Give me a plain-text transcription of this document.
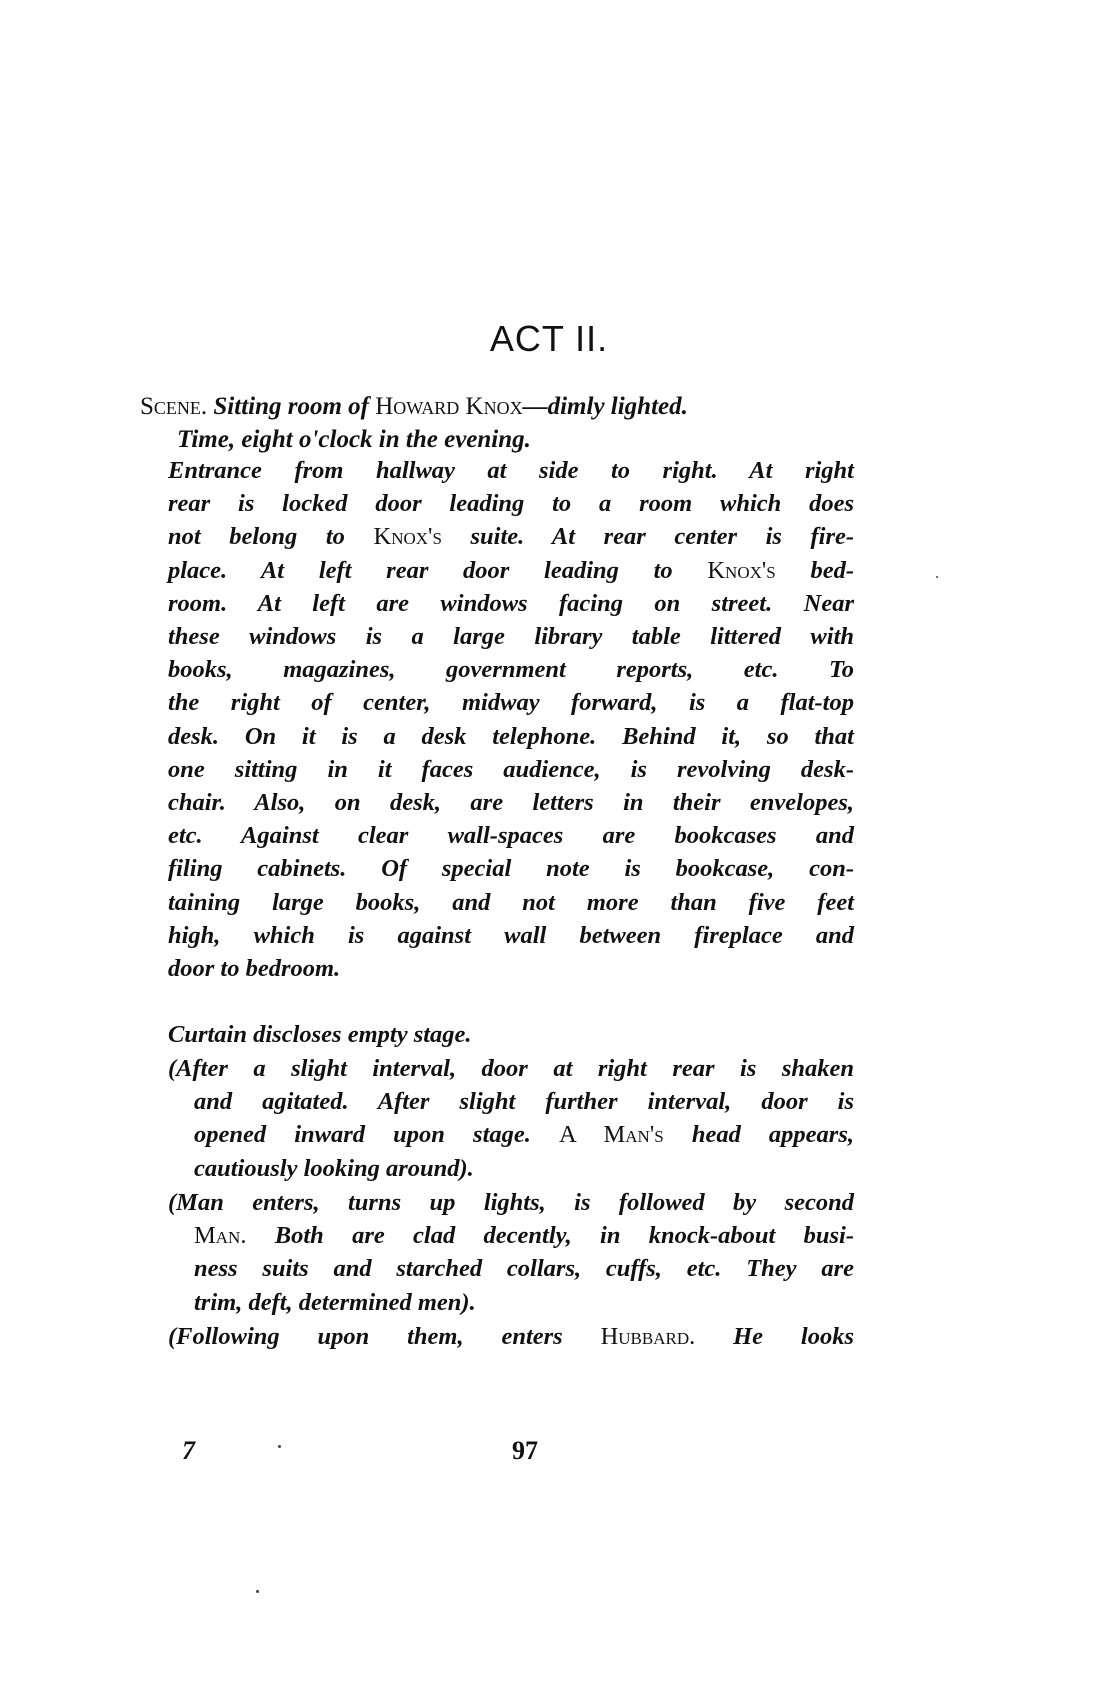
ACT II.
Scene. Sitting room of Howard Knox—dimly lighted.
Time, eight o'clock in the evening.
Entrance from hallway at side to right. At right
rear is locked door leading to a room which does
not belong to Knox's suite. At rear center is fire-
place. At left rear door leading to Knox's bed-
room. At left are windows facing on street. Near
these windows is a large library table littered with
books, magazines, government reports, etc. To
the right of center, midway forward, is a flat-top
desk. On it is a desk telephone. Behind it, so that
one sitting in it faces audience, is revolving desk-
chair. Also, on desk, are letters in their envelopes,
etc. Against clear wall-spaces are bookcases and
filing cabinets. Of special note is bookcase, con-
taining large books, and not more than five feet
high, which is against wall between fireplace and
door to bedroom.
Curtain discloses empty stage.
(After a slight interval, door at right rear is shaken
and agitated. After slight further interval, door is
opened inward upon stage. A Man's head appears,
cautiously looking around).
(Man enters, turns up lights, is followed by second
Man. Both are clad decently, in knock-about busi-
ness suits and starched collars, cuffs, etc. They are
trim, deft, determined men).
(Following upon them, enters Hubbard. He looks
7	97
